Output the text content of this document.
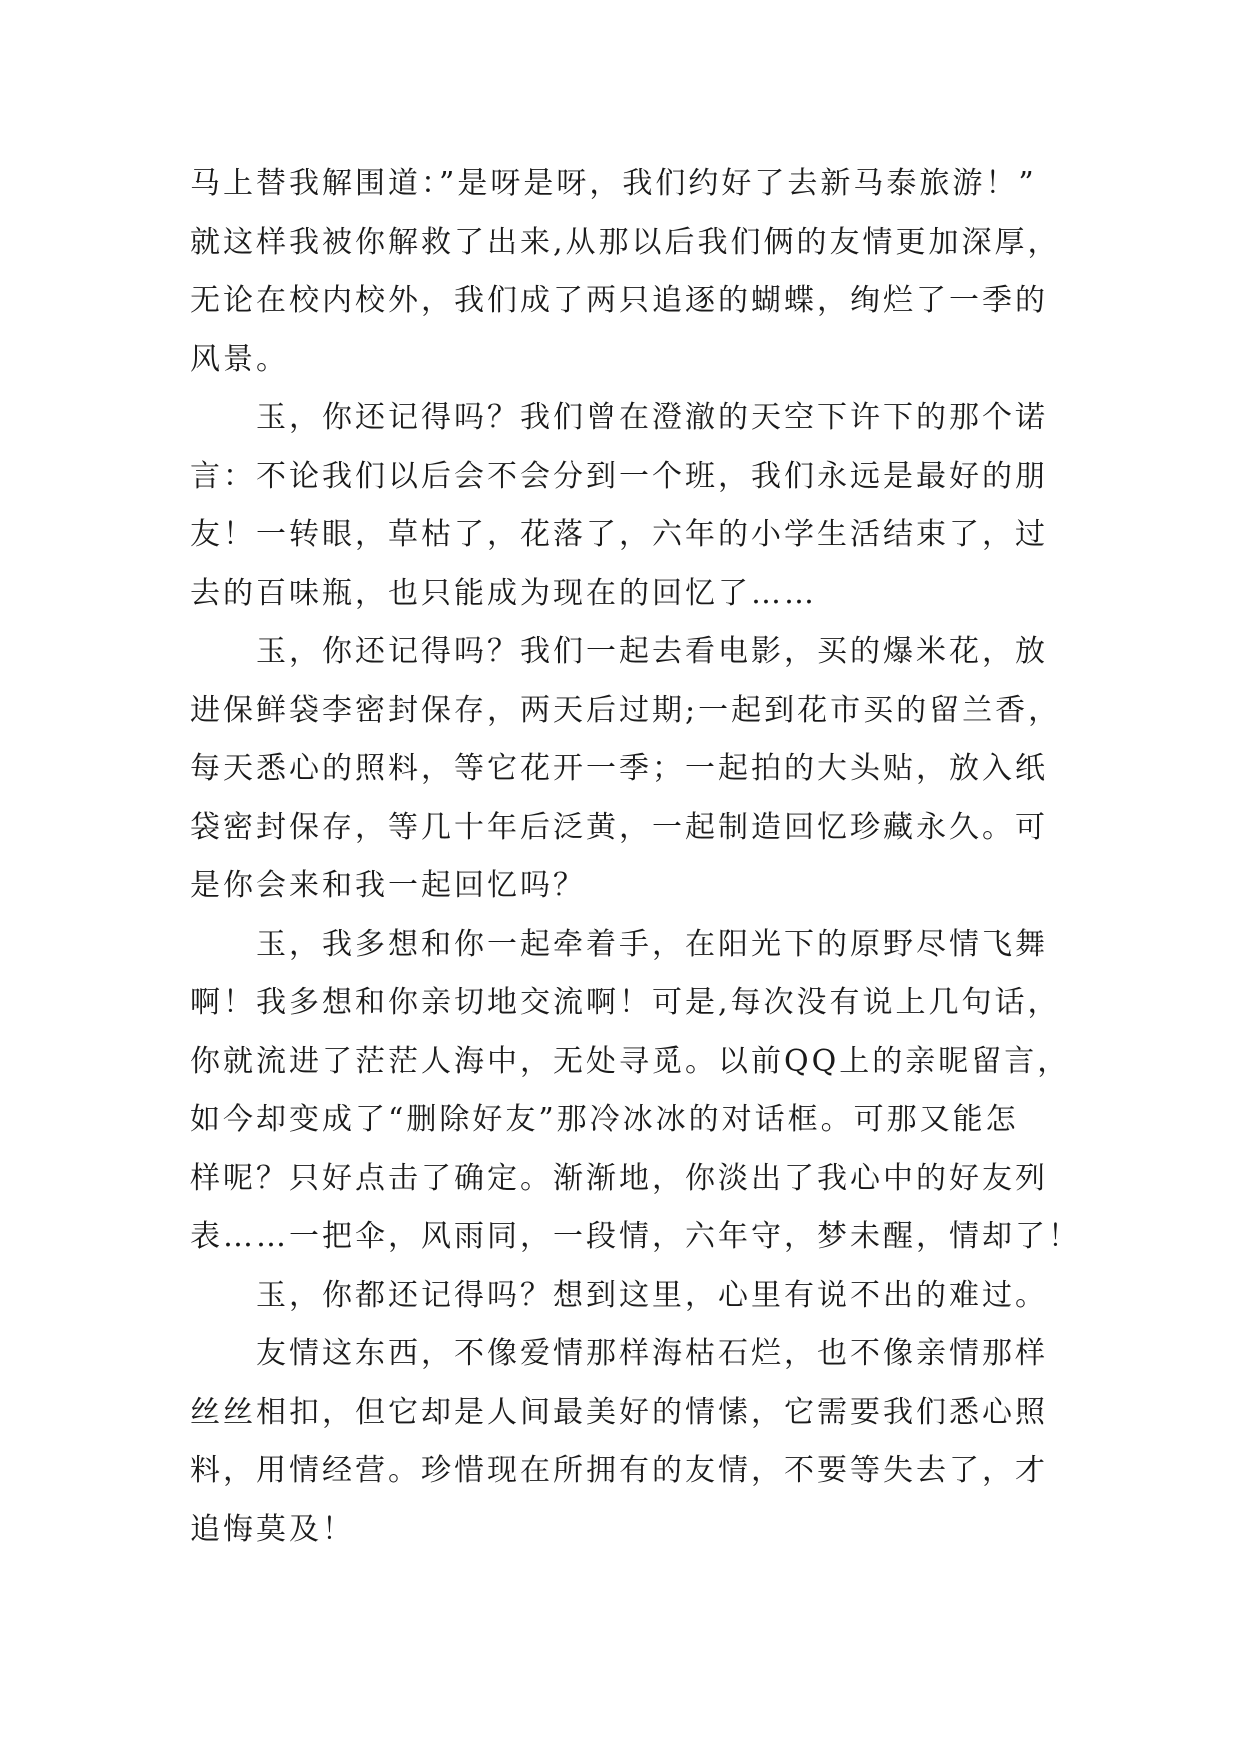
马上替我解围道：”是呀是呀，我们约好了去新马泰旅游！”
就这样我被你解救了出来,从那以后我们俩的友情更加深厚，
无论在校内校外，我们成了两只追逐的蝴蝶，绚烂了一季的
风景。
玉，你还记得吗？我们曾在澄澈的天空下许下的那个诺
言：不论我们以后会不会分到一个班，我们永远是最好的朋
友！一转眼，草枯了，花落了，六年的小学生活结束了，过
去的百味瓶，也只能成为现在的回忆了……
玉，你还记得吗？我们一起去看电影，买的爆米花，放
进保鲜袋李密封保存，两天后过期;一起到花市买的留兰香，
每天悉心的照料，等它花开一季；一起拍的大头贴，放入纸
袋密封保存，等几十年后泛黄，一起制造回忆珍藏永久。可
是你会来和我一起回忆吗？
玉，我多想和你一起牵着手，在阳光下的原野尽情飞舞
啊！我多想和你亲切地交流啊！可是,每次没有说上几句话，
你就流进了茫茫人海中，无处寻觅。以前QQ上的亲昵留言，
如今却变成了“删除好友”那冷冰冰的对话框。可那又能怎
样呢？只好点击了确定。渐渐地，你淡出了我心中的好友列
表……一把伞，风雨同，一段情，六年守，梦未醒，情却了！
玉，你都还记得吗？想到这里，心里有说不出的难过。
友情这东西，不像爱情那样海枯石烂，也不像亲情那样
丝丝相扣，但它却是人间最美好的情愫，它需要我们悉心照
料，用情经营。珍惜现在所拥有的友情，不要等失去了，才
追悔莫及！
